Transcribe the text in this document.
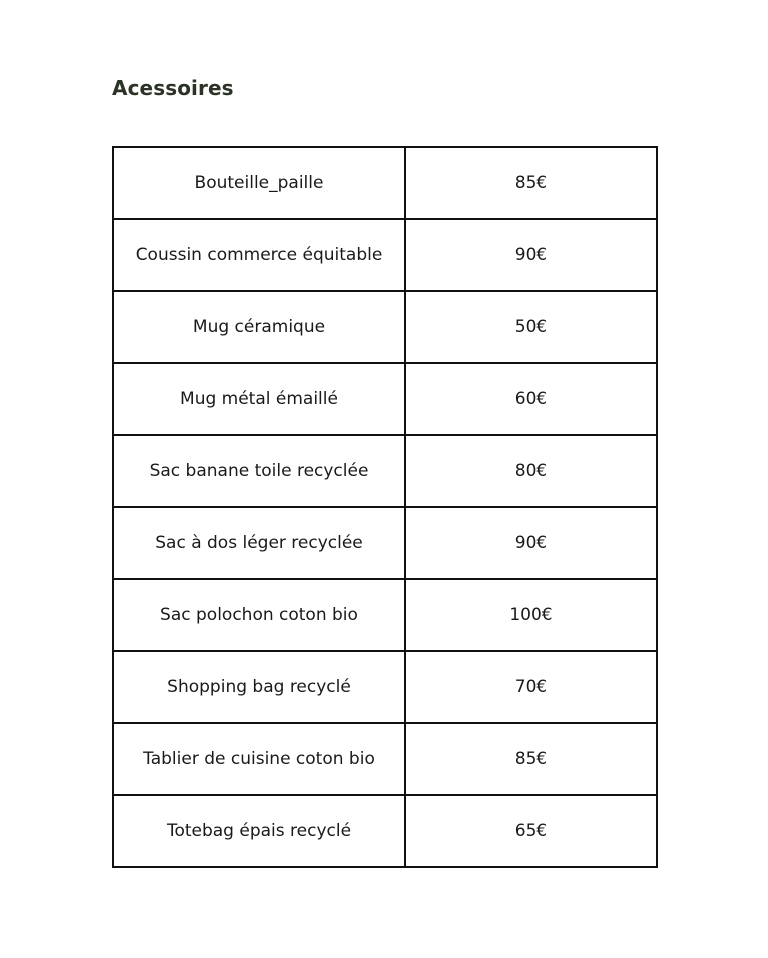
Acessoires
Bouteille_paille	85€
Coussin commerce équitable	90€
Mug céramique	50€
Mug métal émaillé	60€
Sac banane toile recyclée	80€
Sac à dos léger recyclée	90€
Sac polochon coton bio	100€
Shopping bag recyclé	70€
Tablier de cuisine coton bio	85€
Totebag épais recyclé	65€
